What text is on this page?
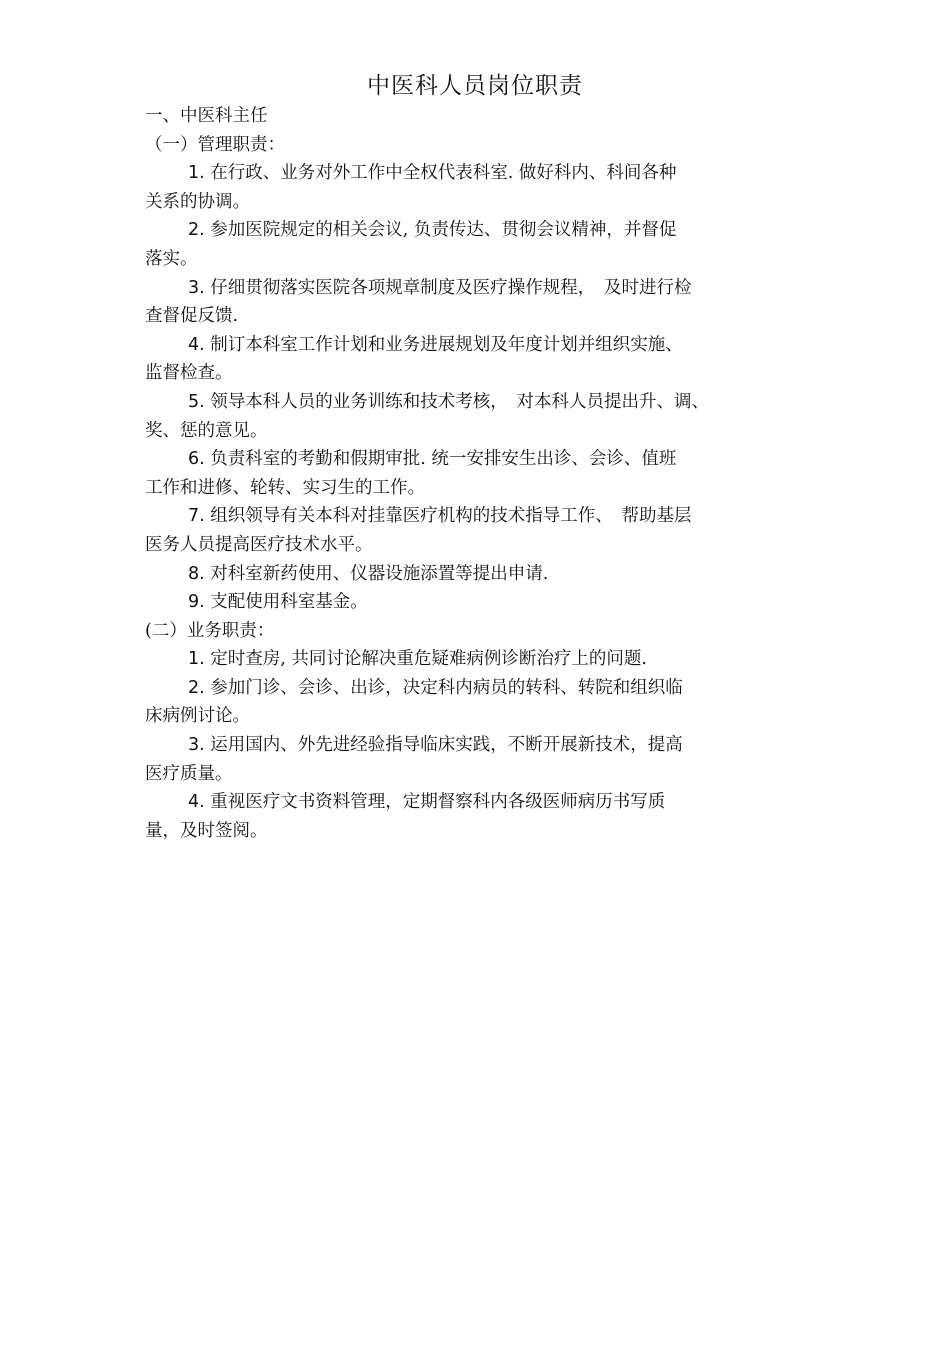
中医科人员岗位职责
一、中医科主任
（一）管理职责：
1. 在行政、业务对外工作中全权代表科室. 做好科内、科间各种
关系的协调。
2. 参加医院规定的相关会议, 负责传达、贯彻会议精神，并督促
落实。
3. 仔细贯彻落实医院各项规章制度及医疗操作规程，　及时进行检
查督促反馈.
4. 制订本科室工作计划和业务进展规划及年度计划并组织实施、
监督检查。
5. 领导本科人员的业务训练和技术考核，　对本科人员提出升、调、
奖、惩的意见。
6. 负责科室的考勤和假期审批. 统一安排安生出诊、会诊、值班
工作和进修、轮转、实习生的工作。
7. 组织领导有关本科对挂靠医疗机构的技术指导工作、　帮助基层
医务人员提高医疗技术水平。
8. 对科室新药使用、仪器设施添置等提出申请.
9. 支配使用科室基金。
(二）业务职责：
1. 定时查房, 共同讨论解决重危疑难病例诊断治疗上的问题.
2. 参加门诊、会诊、出诊，决定科内病员的转科、转院和组织临
床病例讨论。
3. 运用国内、外先进经验指导临床实践，不断开展新技术，提高
医疗质量。
4. 重视医疗文书资料管理，定期督察科内各级医师病历书写质
量，及时签阅。
